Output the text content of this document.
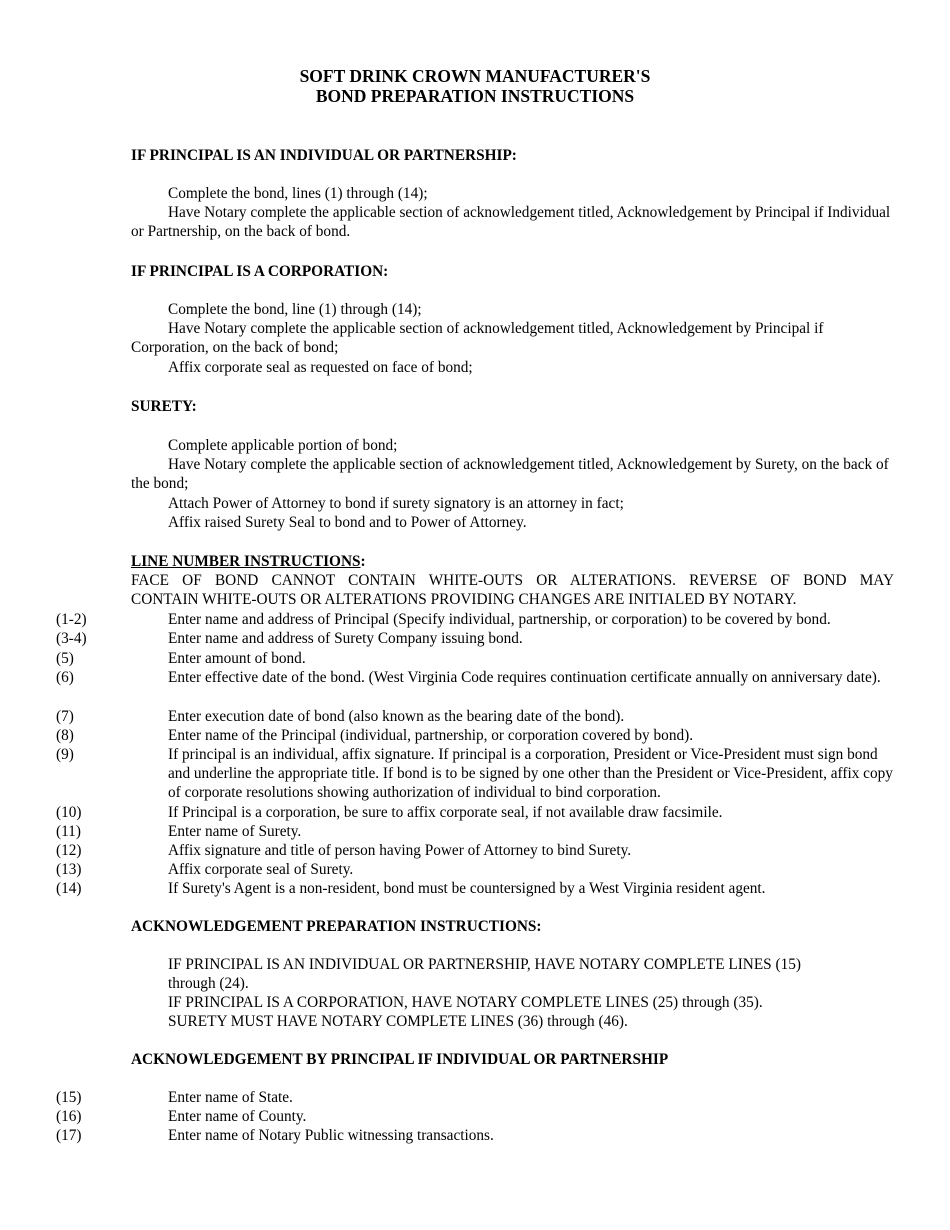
SOFT DRINK CROWN MANUFACTURER'S
BOND PREPARATION INSTRUCTIONS
IF PRINCIPAL IS AN INDIVIDUAL OR PARTNERSHIP:
Complete the bond, lines (1) through (14);
Have Notary complete the applicable section of acknowledgement titled, Acknowledgement by Principal if Individual or Partnership, on the back of bond.
IF PRINCIPAL IS A CORPORATION:
Complete the bond, line (1) through (14);
Have Notary complete the applicable section of acknowledgement titled, Acknowledgement by Principal if Corporation, on the back of bond;
Affix corporate seal as requested on face of bond;
SURETY:
Complete applicable portion of bond;
Have Notary complete the applicable section of acknowledgement titled, Acknowledgement by Surety, on the back of the bond;
Attach Power of Attorney to bond if surety signatory is an attorney in fact;
Affix raised Surety Seal to bond and to Power of Attorney.
LINE NUMBER INSTRUCTIONS:
FACE OF BOND CANNOT CONTAIN WHITE-OUTS OR ALTERATIONS. REVERSE OF BOND MAY
CONTAIN WHITE-OUTS OR ALTERATIONS PROVIDING CHANGES ARE INITIALED BY NOTARY.
(1-2)	Enter name and address of Principal (Specify individual, partnership, or corporation) to be covered by bond.
(3-4)	Enter name and address of Surety Company issuing bond.
(5)	Enter amount of bond.
(6)	Enter effective date of the bond. (West Virginia Code requires continuation certificate annually on anniversary date).
(7)	Enter execution date of bond (also known as the bearing date of the bond).
(8)	Enter name of the Principal (individual, partnership, or corporation covered by bond).
(9)	If principal is an individual, affix signature. If principal is a corporation, President or Vice-President must sign bond and underline the appropriate title. If bond is to be signed by one other than the President or Vice-President, affix copy of corporate resolutions showing authorization of individual to bind corporation.
(10)	If Principal is a corporation, be sure to affix corporate seal, if not available draw facsimile.
(11)	Enter name of Surety.
(12)	Affix signature and title of person having Power of Attorney to bind Surety.
(13)	Affix corporate seal of Surety.
(14)	If Surety's Agent is a non-resident, bond must be countersigned by a West Virginia resident agent.
ACKNOWLEDGEMENT PREPARATION INSTRUCTIONS:
IF PRINCIPAL IS AN INDIVIDUAL OR PARTNERSHIP, HAVE NOTARY COMPLETE LINES (15) through (24).
IF PRINCIPAL IS A CORPORATION, HAVE NOTARY COMPLETE LINES (25) through (35).
SURETY MUST HAVE NOTARY COMPLETE LINES (36) through (46).
ACKNOWLEDGEMENT BY PRINCIPAL IF INDIVIDUAL OR PARTNERSHIP
(15)	Enter name of State.
(16)	Enter name of County.
(17)	Enter name of Notary Public witnessing transactions.
